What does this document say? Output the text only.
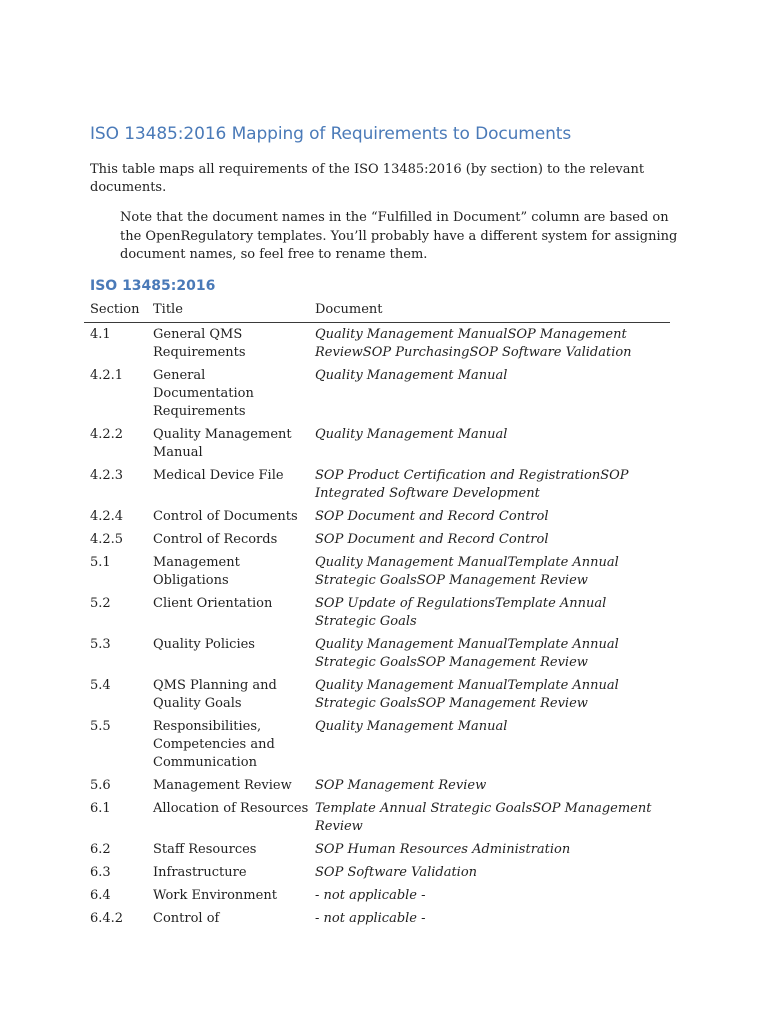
ISO 13485:2016 Mapping of Requirements to Documents

This table maps all requirements of the ISO 13485:2016 (by section) to the relevant documents.

Note that the document names in the “Fulfilled in Document” column are based on the OpenRegulatory templates. You’ll probably have a different system for assigning document names, so feel free to rename them.

ISO 13485:2016
Section	Title	Document
4.1	General QMS Requirements	Quality Management ManualSOP Management ReviewSOP PurchasingSOP Software Validation
4.2.1	General Documentation Requirements	Quality Management Manual
4.2.2	Quality Management Manual	Quality Management Manual
4.2.3	Medical Device File	SOP Product Certification and RegistrationSOP Integrated Software Development
4.2.4	Control of Documents	SOP Document and Record Control
4.2.5	Control of Records	SOP Document and Record Control
5.1	Management Obligations	Quality Management ManualTemplate Annual Strategic GoalsSOP Management Review
5.2	Client Orientation	SOP Update of RegulationsTemplate Annual Strategic Goals
5.3	Quality Policies	Quality Management ManualTemplate Annual Strategic GoalsSOP Management Review
5.4	QMS Planning and Quality Goals	Quality Management ManualTemplate Annual Strategic GoalsSOP Management Review
5.5	Responsibilities, Competencies and Communication	Quality Management Manual
5.6	Management Review	SOP Management Review
6.1	Allocation of Resources	Template Annual Strategic GoalsSOP Management Review
6.2	Staff Resources	SOP Human Resources Administration
6.3	Infrastructure	SOP Software Validation
6.4	Work Environment	- not applicable -
6.4.2	Control of	- not applicable -
